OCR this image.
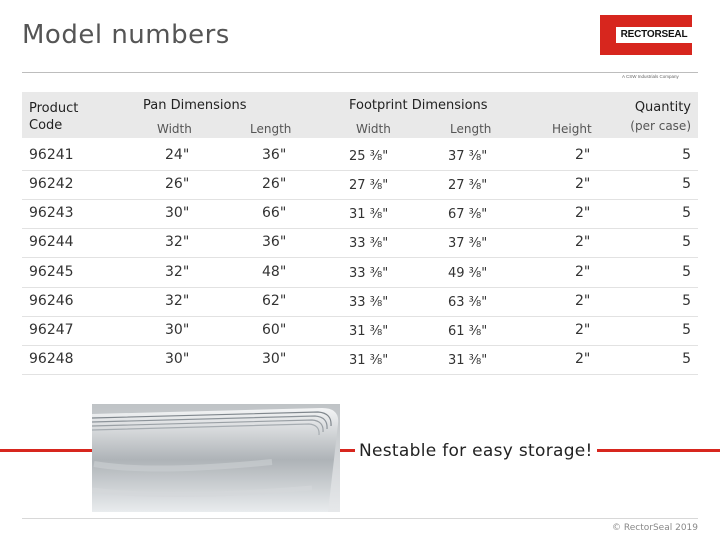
Model numbers	RECTORSEAL
A CSW Industrials Company
Product Code
Pan Dimensions	Footprint Dimensions	Quantity
(per case)
Width	Length	Width	Length	Height
96241	24"	36"	25 ⅜"	37 ⅜"	2"	5
96242	26"	26"	27 ⅜"	27 ⅜"	2"	5
96243	30"	66"	31 ⅜"	67 ⅜"	2"	5
96244	32"	36"	33 ⅜"	37 ⅜"	2"	5
96245	32"	48"	33 ⅜"	49 ⅜"	2"	5
96246	32"	62"	33 ⅜"	63 ⅜"	2"	5
96247	30"	60"	31 ⅜"	61 ⅜"	2"	5
96248	30"	30"	31 ⅜"	31 ⅜"	2"	5
Nestable for easy storage!
© RectorSeal 2019
